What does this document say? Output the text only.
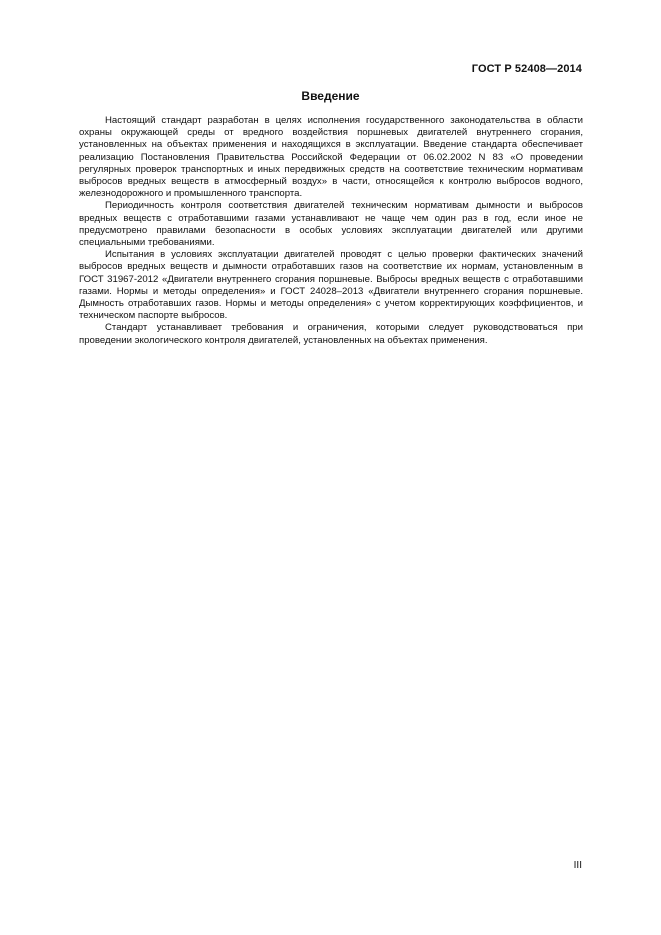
ГОСТ Р 52408—2014
Введение

Настоящий стандарт разработан в целях исполнения государственного законодательства в области охраны окружающей среды от вредного воздействия поршневых двигателей внутреннего сгорания, установленных на объектах применения и находящихся в эксплуатации. Введение стандарта обеспечивает реализацию Постановления Правительства Российской Федерации от 06.02.2002 N 83 «О проведении регулярных проверок транспортных и иных передвижных средств на соответствие техническим нормативам выбросов вредных веществ в атмосферный воздух» в части, относящейся к контролю выбросов водного, железнодорожного и промышленного транспорта.

Периодичность контроля соответствия двигателей техническим нормативам дымности и выбросов вредных веществ с отработавшими газами устанавливают не чаще чем один раз в год, если иное не предусмотрено правилами безопасности в особых условиях эксплуатации двигателей или другими специальными требованиями.

Испытания в условиях эксплуатации двигателей проводят с целью проверки фактических значений выбросов вредных веществ и дымности отработавших газов на соответствие их нормам, установленным в ГОСТ 31967-2012 «Двигатели внутреннего сгорания поршневые. Выбросы вредных веществ с отработавшими газами. Нормы и методы определения» и ГОСТ 24028–2013 «Двигатели внутреннего сгорания поршневые. Дымность отработавших газов. Нормы и методы определения» с учетом корректирующих коэффициентов, и техническом паспорте выбросов.

Стандарт устанавливает требования и ограничения, которыми следует руководствоваться при проведении экологического контроля двигателей, установленных на объектах применения.

III
